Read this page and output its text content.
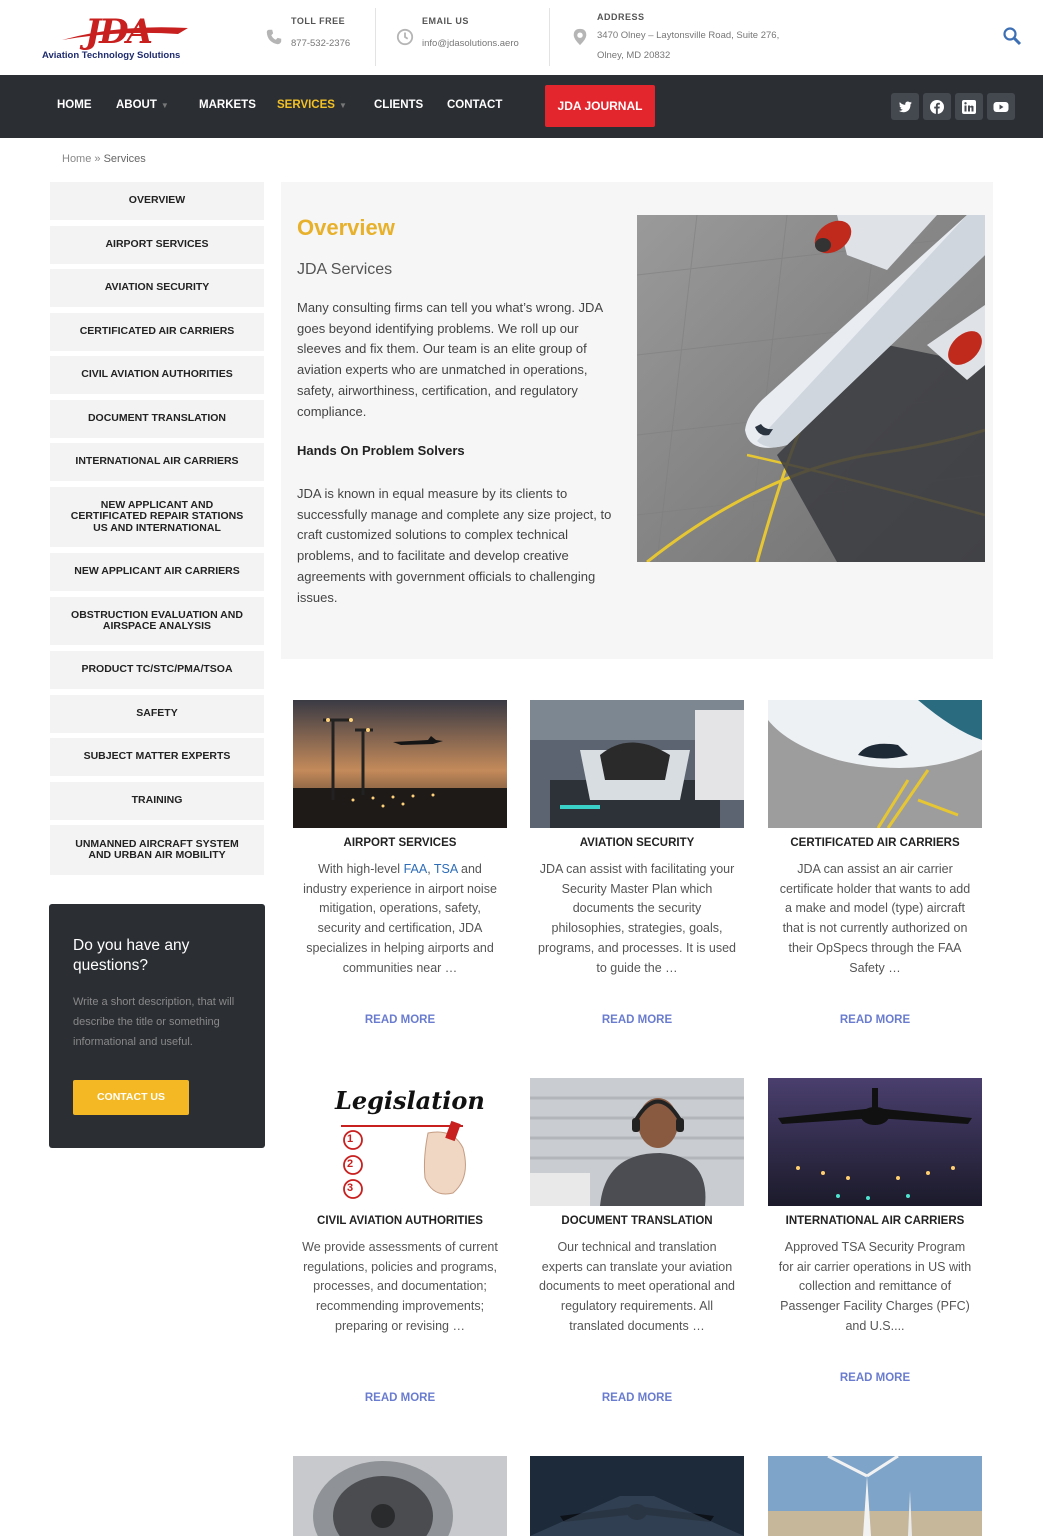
JDA
Aviation Technology Solutions
TOLL FREE
877-532-2376
EMAIL US
info@jdasolutions.aero
ADDRESS
3470 Olney – Laytonsville Road, Suite 276,
Olney, MD 20832
HOME ABOUT ▼	MARKETS SERVICES ▼ CLIENTS CONTACT	JDA JOURNAL
Home » Services
OVERVIEW
AIRPORT SERVICES
AVIATION SECURITY
CERTIFICATED AIR CARRIERS
CIVIL AVIATION AUTHORITIES
DOCUMENT TRANSLATION
INTERNATIONAL AIR CARRIERS
NEW APPLICANT AND
CERTIFICATED REPAIR STATIONS
US AND INTERNATIONAL
NEW APPLICANT AIR CARRIERS
OBSTRUCTION EVALUATION AND
AIRSPACE ANALYSIS
PRODUCT TC/STC/PMA/TSOA
SAFETY
SUBJECT MATTER EXPERTS
TRAINING
UNMANNED AIRCRAFT SYSTEM
AND URBAN AIR MOBILITY
Do you have any questions?

Write a short description, that will describe the title or something informational and useful.

CONTACT US
Overview
JDA Services
Many consulting firms can tell you what’s wrong. JDA goes beyond identifying problems. We roll up our sleeves and fix them. Our team is an elite group of aviation experts who are unmatched in operations, safety, airworthiness, certification, and regulatory compliance.
Hands On Problem Solvers
JDA is known in equal measure by its clients to successfully manage and complete any size project, to craft customized solutions to complex technical problems, and to facilitate and develop creative agreements with government officials to challenging issues.
AIRPORT SERVICES
With high-level FAA, TSA and industry experience in airport noise mitigation, operations, safety, security and certification, JDA specializes in helping airports and communities near …
READ MORE
AVIATION SECURITY
JDA can assist with facilitating your Security Master Plan which documents the security philosophies, strategies, goals, programs, and processes. It is used to guide the …
READ MORE
CERTIFICATED AIR CARRIERS
JDA can assist an air carrier certificate holder that wants to add a make and model (type) aircraft that is not currently authorized on their OpSpecs through the FAA Safety …
READ MORE
Legislation
1
2
3
CIVIL AVIATION AUTHORITIES
We provide assessments of current regulations, policies and programs, processes, and documentation; recommending improvements; preparing or revising …
READ MORE
DOCUMENT TRANSLATION
Our technical and translation experts can translate your aviation documents to meet operational and regulatory requirements. All translated documents …
READ MORE
INTERNATIONAL AIR CARRIERS
Approved TSA Security Program for air carrier operations in US with collection and remittance of Passenger Facility Charges (PFC) and U.S....
READ MORE
